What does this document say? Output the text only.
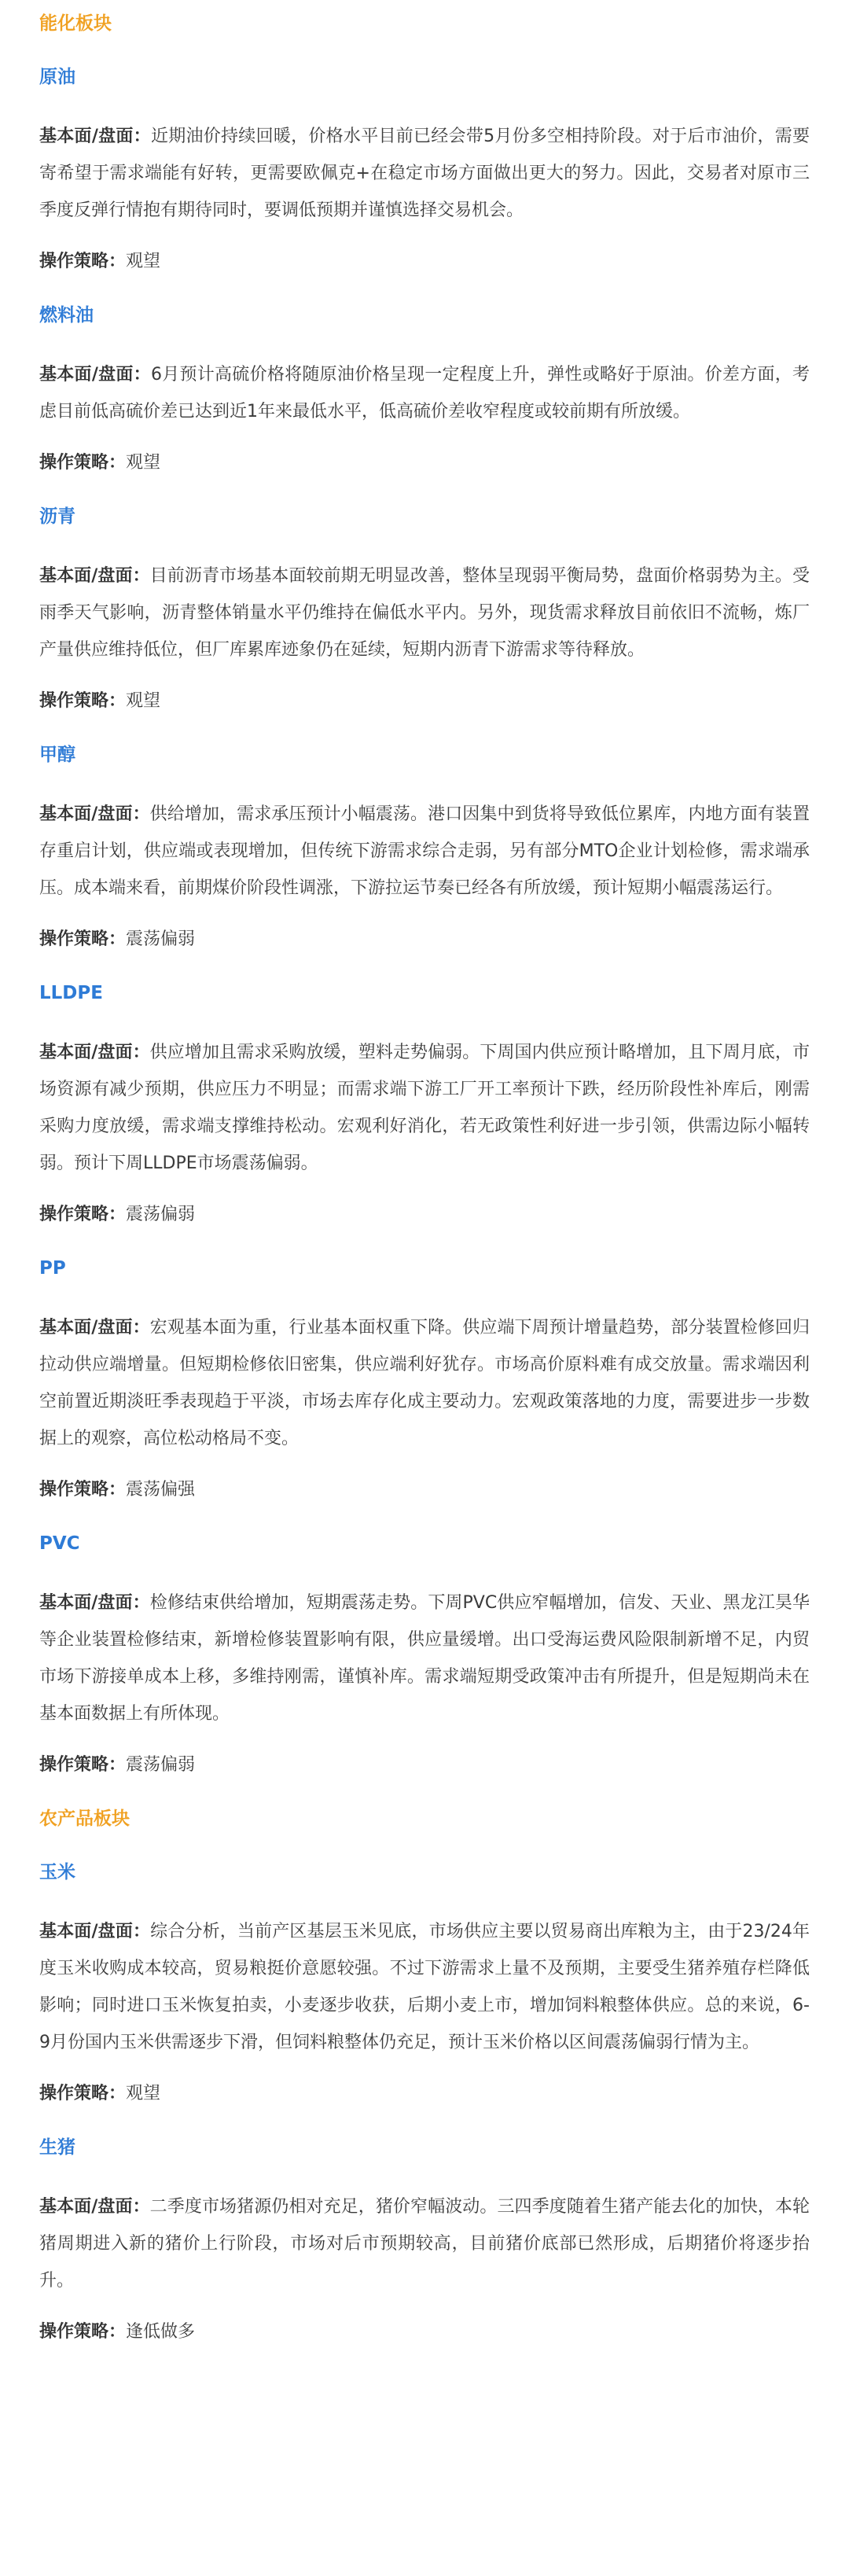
能化板块
原油

基本面/盘面：近期油价持续回暖，价格水平目前已经会带5月份多空相持阶段。对于后市油价，需要寄希望于需求端能有好转，更需要欧佩克+在稳定市场方面做出更大的努力。因此，交易者对原市三季度反弹行情抱有期待同时，要调低预期并谨慎选择交易机会。

操作策略：观望

燃料油

基本面/盘面：6月预计高硫价格将随原油价格呈现一定程度上升，弹性或略好于原油。价差方面，考虑目前低高硫价差已达到近1年来最低水平，低高硫价差收窄程度或较前期有所放缓。

操作策略：观望

沥青

基本面/盘面：目前沥青市场基本面较前期无明显改善，整体呈现弱平衡局势，盘面价格弱势为主。受雨季天气影响，沥青整体销量水平仍维持在偏低水平内。另外，现货需求释放目前依旧不流畅，炼厂产量供应维持低位，但厂库累库迹象仍在延续，短期内沥青下游需求等待释放。

操作策略：观望

甲醇

基本面/盘面：供给增加，需求承压预计小幅震荡。港口因集中到货将导致低位累库，内地方面有装置存重启计划，供应端或表现增加，但传统下游需求综合走弱，另有部分MTO企业计划检修，需求端承压。成本端来看，前期煤价阶段性调涨，下游拉运节奏已经各有所放缓，预计短期小幅震荡运行。

操作策略：震荡偏弱

LLDPE

基本面/盘面：供应增加且需求采购放缓，塑料走势偏弱。下周国内供应预计略增加，且下周月底，市场资源有减少预期，供应压力不明显；而需求端下游工厂开工率预计下跌，经历阶段性补库后，刚需采购力度放缓，需求端支撑维持松动。宏观利好消化，若无政策性利好进一步引领，供需边际小幅转弱。预计下周LLDPE市场震荡偏弱。

操作策略：震荡偏弱

PP

基本面/盘面：宏观基本面为重，行业基本面权重下降。供应端下周预计增量趋势，部分装置检修回归拉动供应端增量。但短期检修依旧密集，供应端利好犹存。市场高价原料难有成交放量。需求端因利空前置近期淡旺季表现趋于平淡，市场去库存化成主要动力。宏观政策落地的力度，需要进步一步数据上的观察，高位松动格局不变。

操作策略：震荡偏强

PVC

基本面/盘面：检修结束供给增加，短期震荡走势。下周PVC供应窄幅增加，信发、天业、黑龙江昊华等企业装置检修结束，新增检修装置影响有限，供应量缓增。出口受海运费风险限制新增不足，内贸市场下游接单成本上移，多维持刚需，谨慎补库。需求端短期受政策冲击有所提升，但是短期尚未在基本面数据上有所体现。

操作策略：震荡偏弱

农产品板块
玉米

基本面/盘面：综合分析，当前产区基层玉米见底，市场供应主要以贸易商出库粮为主，由于23/24年度玉米收购成本较高，贸易粮挺价意愿较强。不过下游需求上量不及预期，主要受生猪养殖存栏降低影响；同时进口玉米恢复拍卖，小麦逐步收获，后期小麦上市，增加饲料粮整体供应。总的来说，6-9月份国内玉米供需逐步下滑，但饲料粮整体仍充足，预计玉米价格以区间震荡偏弱行情为主。

操作策略：观望

生猪

基本面/盘面：二季度市场猪源仍相对充足，猪价窄幅波动。三四季度随着生猪产能去化的加快，本轮猪周期进入新的猪价上行阶段，市场对后市预期较高，目前猪价底部已然形成，后期猪价将逐步抬升。

操作策略：逢低做多
